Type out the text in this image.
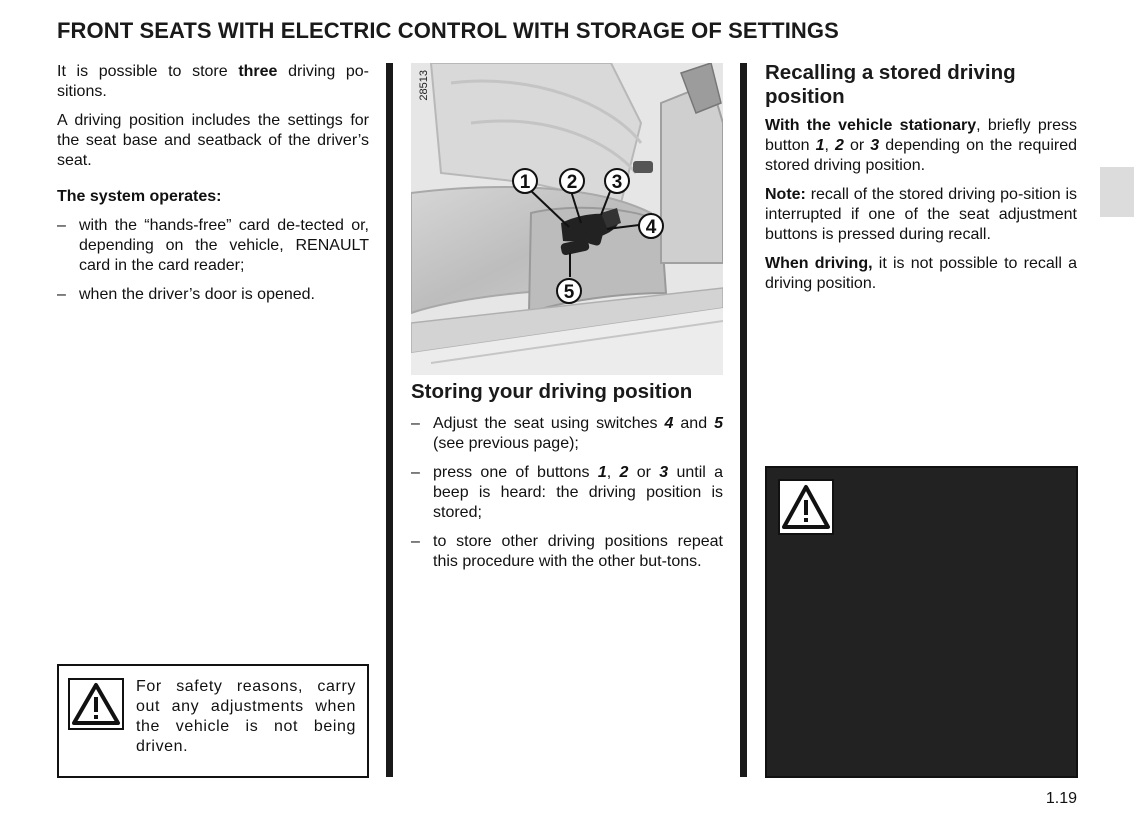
FRONT SEATS WITH ELECTRIC CONTROL WITH STORAGE OF SETTINGS

It is possible to store three driving po-sitions.

A driving position includes the settings for the seat base and seatback of the driver’s seat.

The system operates:

– with the “hands-free” card de-tected or, depending on the vehicle, RENAULT card in the card reader;
– when the driver’s door is opened.

For safety reasons, carry out any adjustments when the vehicle is not being driven.

1 2 3
4
5
28513
Storing your driving position
– Adjust the seat using switches 4 and 5 (see previous page);
– press one of buttons 1, 2 or 3 until a beep is heard: the driving position is stored;
– to store other driving positions repeat this procedure with the other but-tons.
Recalling a stored driving position

With the vehicle stationary, briefly press button 1, 2 or 3 depending on the required stored driving position.

Note: recall of the stored driving po-sition is interrupted if one of the seat adjustment buttons is pressed during recall.

When driving, it is not possible to recall a driving position.

1.19
